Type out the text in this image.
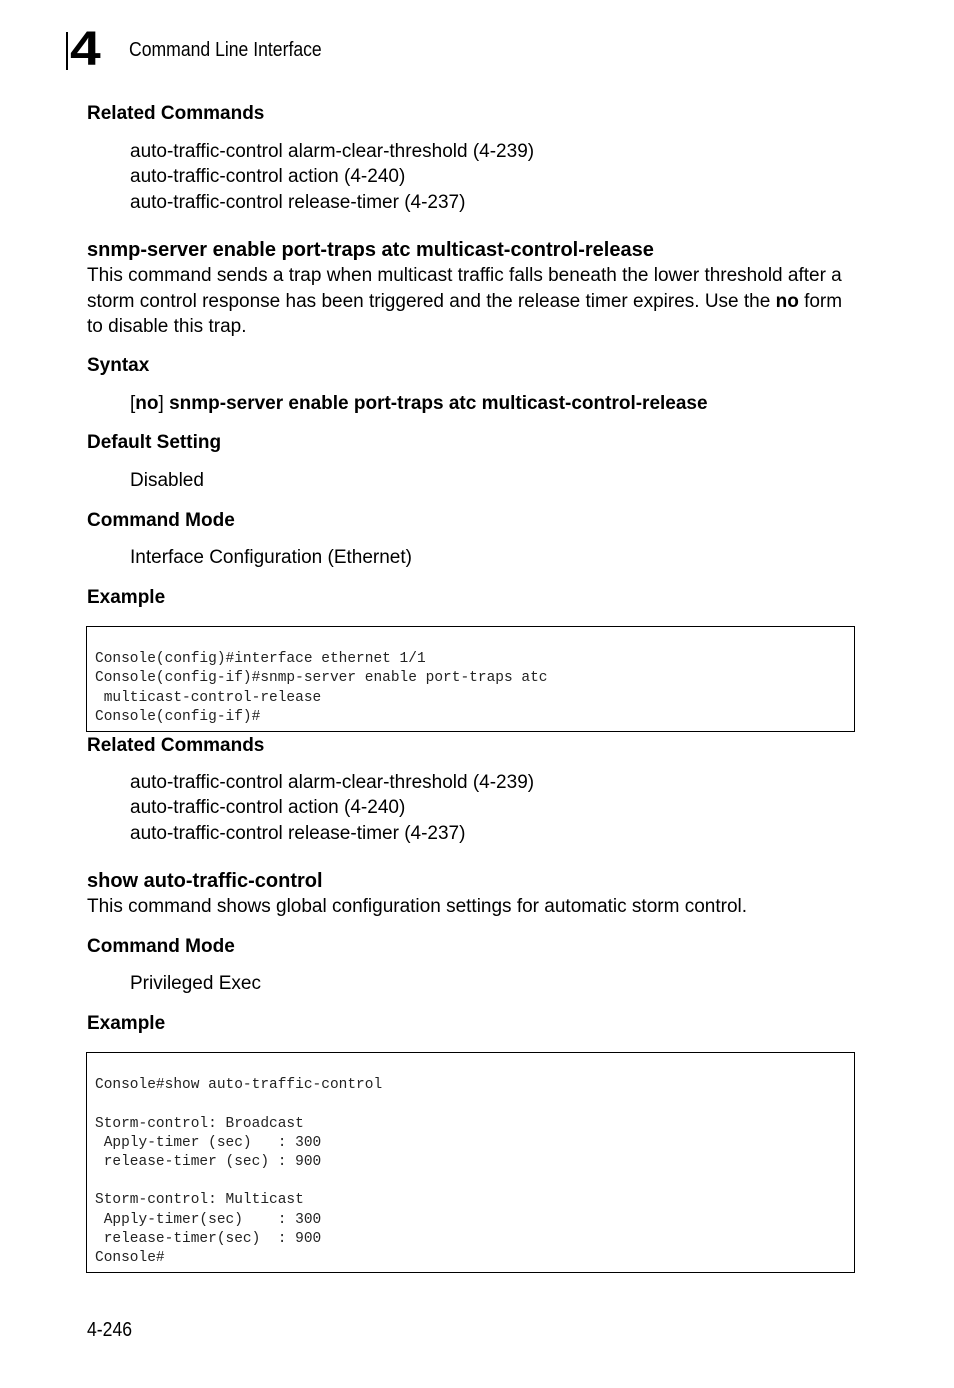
4 Command Line Interface
Related Commands
auto-traffic-control alarm-clear-threshold (4-239)
auto-traffic-control action (4-240)
auto-traffic-control release-timer (4-237)
snmp-server enable port-traps atc multicast-control-release
This command sends a trap when multicast traffic falls beneath the lower threshold after a storm control response has been triggered and the release timer expires. Use the no form to disable this trap.
Syntax
[no] snmp-server enable port-traps atc multicast-control-release
Default Setting
Disabled
Command Mode
Interface Configuration (Ethernet)
Example

Console(config)#interface ethernet 1/1
Console(config-if)#snmp-server enable port-traps atc
multicast-control-release
Console(config-if)#
Related Commands
auto-traffic-control alarm-clear-threshold (4-239)
auto-traffic-control action (4-240)
auto-traffic-control release-timer (4-237)
show auto-traffic-control
This command shows global configuration settings for automatic storm control.
Command Mode
Privileged Exec
Example

Console#show auto-traffic-control
Storm-control: Broadcast
Apply-timer (sec)   : 300
release-timer (sec) : 900
Storm-control: Multicast
Apply-timer(sec)    : 300
release-timer(sec)  : 900
Console#
4-246
